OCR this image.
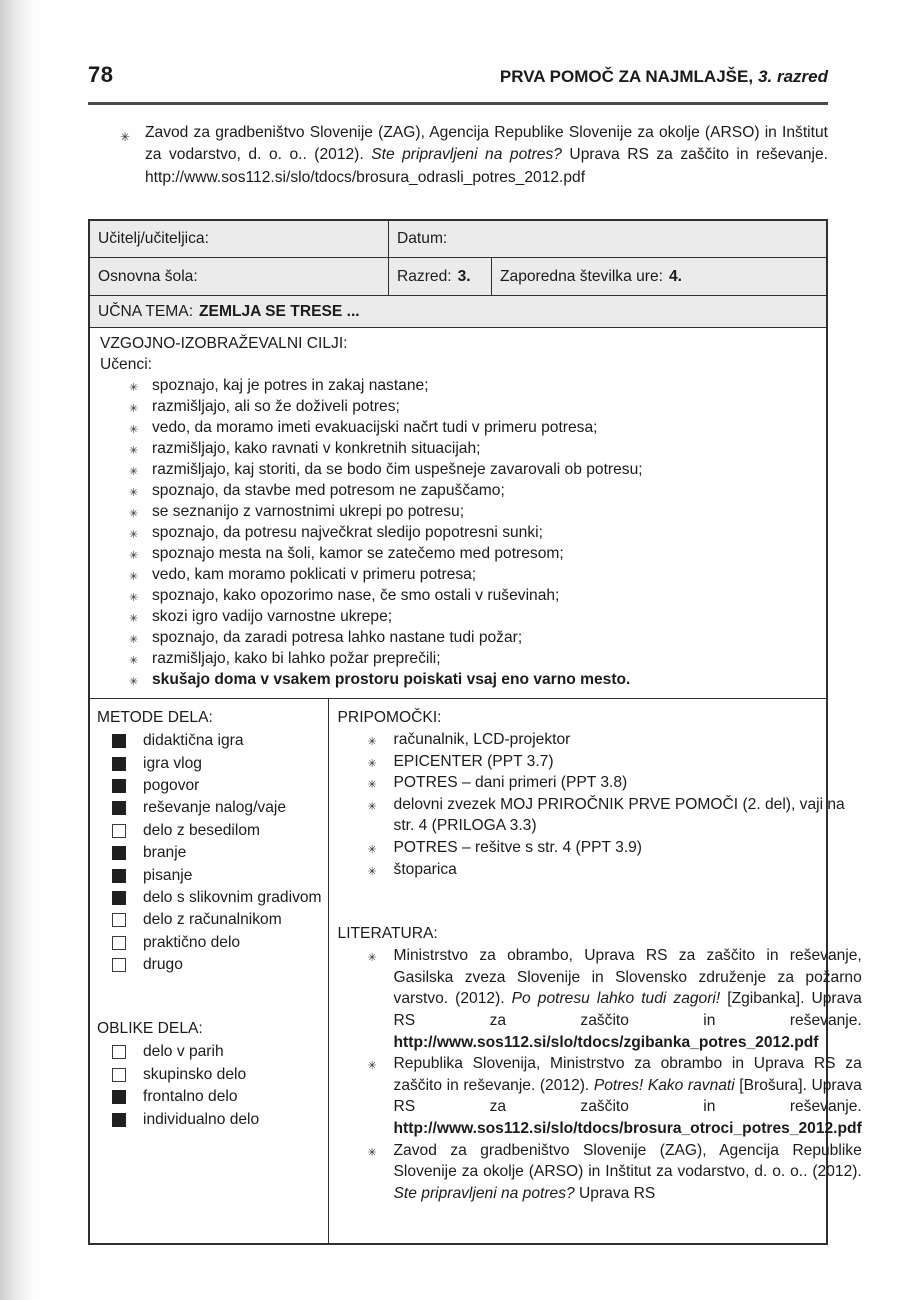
78	PRVA POMOČ ZA NAJMLAJŠE, 3. razred
✳ Zavod za gradbeništvo Slovenije (ZAG), Agencija Republike Slovenije za okolje (ARSO) in Inštitut za vodarstvo, d. o. o.. (2012). Ste pripravljeni na potres? Uprava RS za zaščito in reševanje. http://www.sos112.si/slo/tdocs/brosura_odrasli_potres_2012.pdf
Učitelj/učiteljica:	Datum:
Osnovna šola:	Razred: 3. Zaporedna številka ure: 4.
UČNA TEMA: ZEMLJA SE TRESE ...
VZGOJNO-IZOBRAŽEVALNI CILJI:
Učenci:
✳ spoznajo, kaj je potres in zakaj nastane;
✳ razmišljajo, ali so že doživeli potres;
✳ vedo, da moramo imeti evakuacijski načrt tudi v primeru potresa;
✳ razmišljajo, kako ravnati v konkretnih situacijah;
✳ razmišljajo, kaj storiti, da se bodo čim uspešneje zavarovali ob potresu;
✳ spoznajo, da stavbe med potresom ne zapuščamo;
✳ se seznanijo z varnostnimi ukrepi po potresu;
✳ spoznajo, da potresu največkrat sledijo popotresni sunki;
✳ spoznajo mesta na šoli, kamor se zatečemo med potresom;
✳ vedo, kam moramo poklicati v primeru potresa;
✳ spoznajo, kako opozorimo nase, če smo ostali v ruševinah;
✳ skozi igro vadijo varnostne ukrepe;
✳ spoznajo, da zaradi potresa lahko nastane tudi požar;
✳ razmišljajo, kako bi lahko požar preprečili;
✳ skušajo doma v vsakem prostoru poiskati vsaj eno varno mesto.
METODE DELA:
didaktična igra
igra vlog
pogovor
reševanje nalog/vaje
delo z besedilom
branje
pisanje
delo s slikovnim gradivom
delo z računalnikom
praktično delo
drugo
OBLIKE DELA:
delo v parih
skupinsko delo
frontalno delo
individualno delo
PRIPOMOČKI:
✳ računalnik, LCD-projektor
✳ EPICENTER (PPT 3.7)
✳ POTRES – dani primeri (PPT 3.8)
✳ delovni zvezek MOJ PRIROČNIK PRVE POMOČI (2. del), vaji na str. 4 (PRILOGA 3.3)
✳ POTRES – rešitve s str. 4 (PPT 3.9)
✳ štoparica
LITERATURA:
✳ Ministrstvo za obrambo, Uprava RS za zaščito in reševanje, Gasilska zveza Slovenije in Slovensko združenje za požarno varstvo. (2012). Po potresu lahko tudi zagori! [Zgibanka]. Uprava RS za zaščito in reševanje. http://www.sos112.si/slo/tdocs/zgibanka_potres_2012.pdf
✳ Republika Slovenija, Ministrstvo za obrambo in Uprava RS za zaščito in reševanje. (2012). Potres! Kako ravnati [Brošura]. Uprava RS za zaščito in reševanje. http://www.sos112.si/slo/tdocs/brosura_otroci_potres_2012.pdf
✳ Zavod za gradbeništvo Slovenije (ZAG), Agencija Republike Slovenije za okolje (ARSO) in Inštitut za vodarstvo, d. o. o.. (2012). Ste pripravljeni na potres? Uprava RS
